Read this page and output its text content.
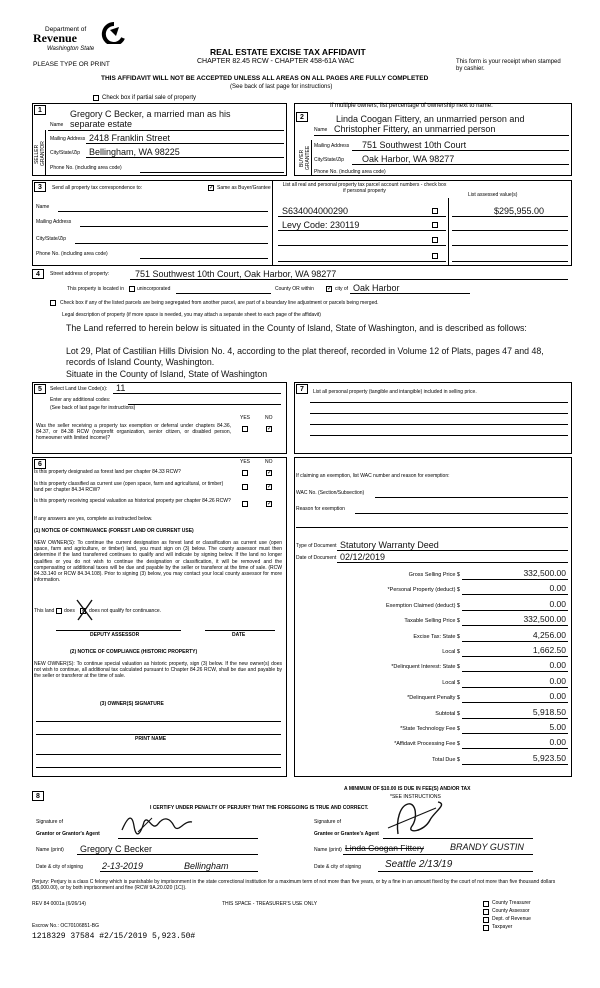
Department of
Revenue
Washington State
PLEASE TYPE OR PRINT
REAL ESTATE EXCISE TAX AFFIDAVIT
CHAPTER 82.45 RCW - CHAPTER 458-61A WAC	This form is your receipt when stamped by cashier.
THIS AFFIDAVIT WILL NOT BE ACCEPTED UNLESS ALL AREAS ON ALL PAGES ARE FULLY COMPLETED
(See back of last page for instructions)
Check box if partial sale of property
If multiple owners, list percentage of ownership next to name.
1
SELLER GRANTOR
Gregory C Becker, a married man as his
Name separate estate
Mailing Address 2418 Franklin Street
City/State/Zip Bellingham, WA 98225
Phone No. (including area code)
2
BUYER GRANTEE
Linda Coogan Fittery, an unmarried person and
Name Christopher Fittery, an unmarried person
Mailing Address 751 Southwest 10th Court
City/State/Zip Oak Harbor, WA 98277
Phone No. (including area code)
3	Send all property tax correspondence to:	✓ Same as Buyer/Grantee
Name
Mailing Address
City/State/Zip
Phone No. (including area code)
List all real and personal property tax parcel account numbers - check box if personal property
List assessed value(s)
S634004000290	$295,955.00
Levy Code: 230119
4	Street address of property:	751 Southwest 10th Court, Oak Harbor, WA 98277
This property is located in	unincorporated	County OR within ✓ city of Oak Harbor
Check box if any of the listed parcels are being segregated from another parcel, are part of a boundary line adjustment or parcels being merged.
Legal description of property (if more space is needed, you may attach a separate sheet to each page of the affidavit)
The Land referred to herein below is situated in the County of Island, State of Washington, and is described as follows:
Lot 29, Plat of Castilian Hills Division No. 4, according to the plat thereof, recorded in Volume 12 of Plats, pages 47 and 48, records of Island County, Washington.
Situate in the County of Island, State of Washington
5	Select Land Use Code(s): 11
Enter any additional codes:
(See back of last page for instructions)
YES	NO
Was the seller receiving a property tax exemption or deferral under chapters 84.36, 84.37, or 84.38 RCW (nonprofit organization, senior citizen, or disabled person, homeowner with limited income)?
✓
7	List all personal property (tangible and intangible) included in selling price.
6	YES	NO
Is this property designated as forest land per chapter 84.33 RCW?	✓
Is this property classified as current use (open space, farm and agricultural, or timber) land per chapter 84.34 RCW?	✓
Is this property receiving special valuation as historical property per chapter 84.26 RCW?	✓
If any answers are yes, complete as instructed below.
(1) NOTICE OF CONTINUANCE (FOREST LAND OR CURRENT USE)
NEW OWNER(S): To continue the current designation as forest land or classification as current use (open space, farm and agriculture, or timber) land, you must sign on (3) below. The county assessor must then determine if the land transferred continues to qualify and will indicate by signing below. If the land no longer qualifies or you do not wish to continue the designation or classification, it will be removed and the compensating or additional taxes will be due and payable by the seller or transferor at the time of sale. (RCW 84.33.140 or RCW 84.34.108). Prior to signing (3) below, you may contact your local county assessor for more information.
This land does ✕ does not qualify for continuance.
DEPUTY ASSESSOR	DATE
(2) NOTICE OF COMPLIANCE (HISTORIC PROPERTY)
NEW OWNER(S): To continue special valuation as historic property, sign (3) below. If the new owner(s) does not wish to continue, all additional tax calculated pursuant to Chapter 84.26 RCW, shall be due and payable by the seller or transferor at the time of sale.
(3) OWNER(S) SIGNATURE
PRINT NAME
If claiming an exemption, list WAC number and reason for exemption:
WAC No. (Section/Subsection)
Reason for exemption
Type of Document Statutory Warranty Deed
Date of Document 02/12/2019
Gross Selling Price $	332,500.00
*Personal Property (deduct) $	0.00
Exemption Claimed (deduct) $	0.00
Taxable Selling Price $	332,500.00
Excise Tax: State $	4,256.00
Local $	1,662.50
*Delinquent Interest: State $	0.00
Local $	0.00
*Delinquent Penalty $	0.00
Subtotal $	5,918.50
*State Technology Fee $	5.00
*Affidavit Processing Fee $	0.00
Total Due $	5,923.50
A MINIMUM OF $10.00 IS DUE IN FEE(S) AND/OR TAX
*SEE INSTRUCTIONS
8
I CERTIFY UNDER PENALTY OF PERJURY THAT THE FOREGOING IS TRUE AND CORRECT.
Signature of
Grantor or Grantor's Agent
Name (print) Gregory C Becker
Date & city of signing 2-13-2019	Bellingham
Signature of
Grantee or Grantee's Agent
Name (print) Linda Coogan Fittery	BRANDY GUSTIN
Date & city of signing Seattle 2/13/19
Perjury: Perjury is a class C felony which is punishable by imprisonment in the state correctional institution for a maximum term of not more than five years, or by a fine in an amount fixed by the court of not more than five thousand dollars ($5,000.00), or by both imprisonment and fine (RCW 9A.20.020 (1C)).
REV 84 0001a (6/26/14)	THIS SPACE - TREASURER'S USE ONLY
Escrow No.: OC70106851-BG
1218329 37584 #2/15/2019 5,923.50#
County Treasurer
County Assessor
Dept. of Revenue
Taxpayer
